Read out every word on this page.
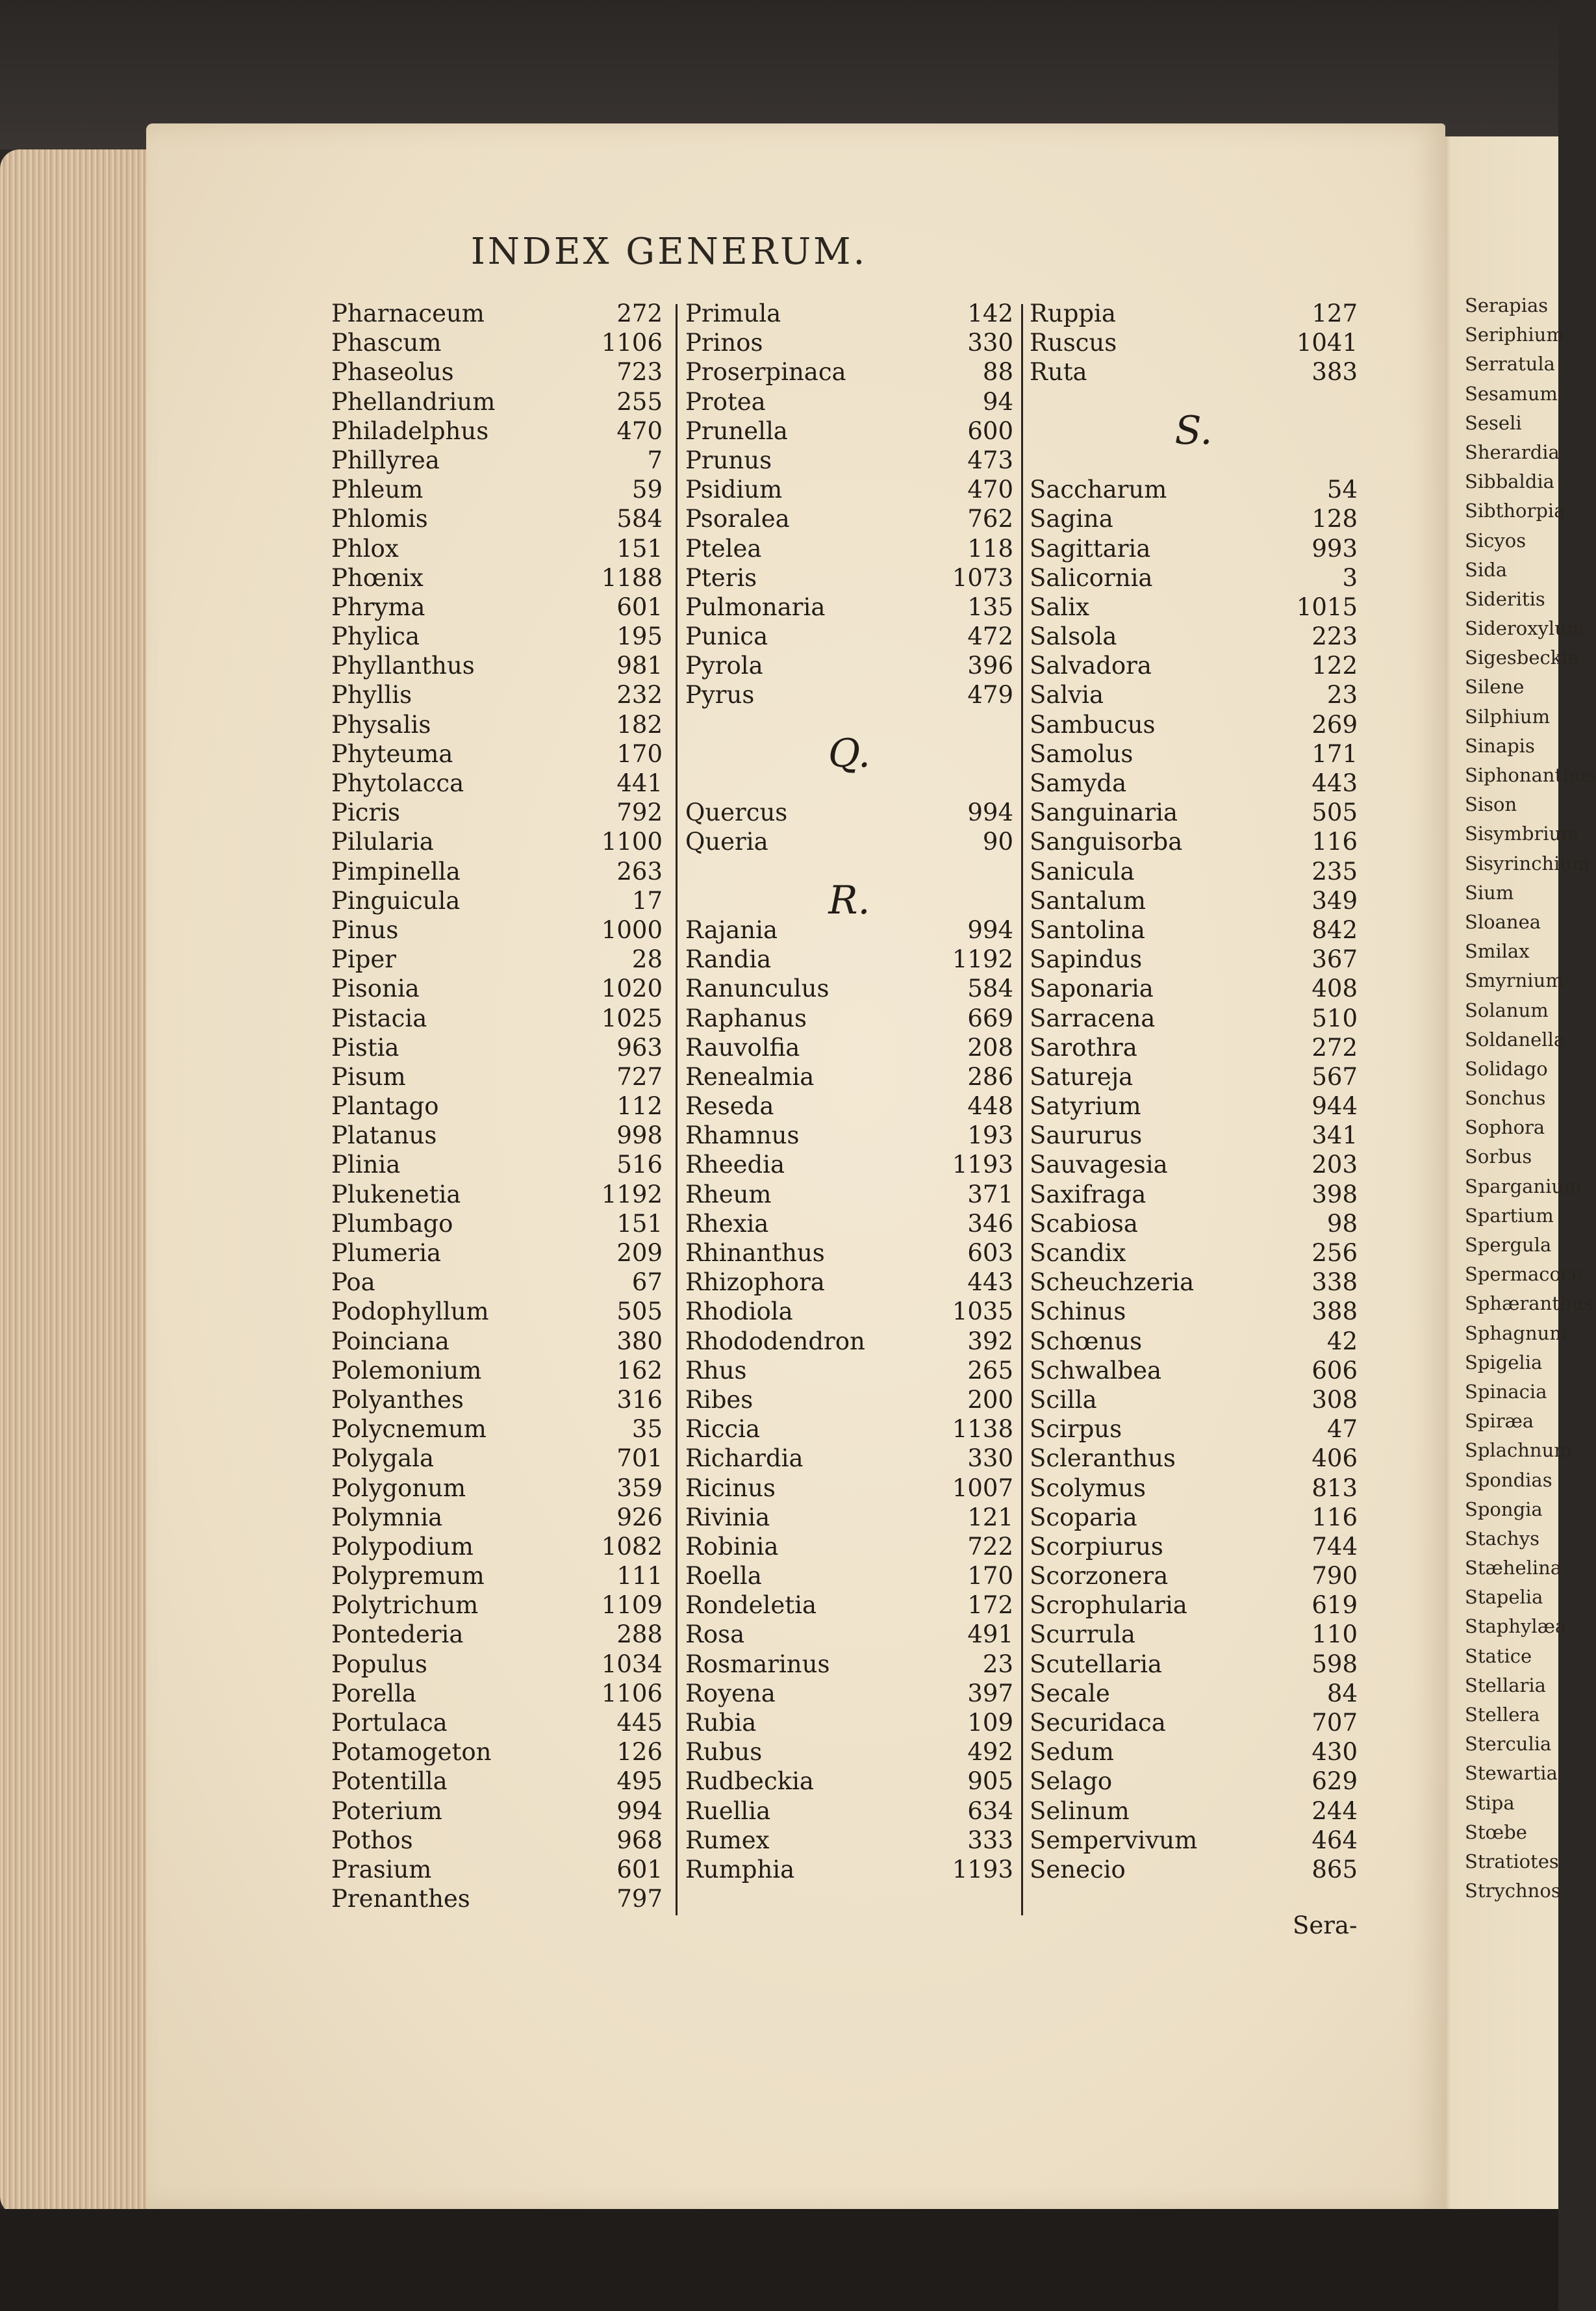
INDEX GENERUM.
Pharnaceum	272
Phascum	1106
Phaseolus	723
Phellandrium	255
Philadelphus	470
Phillyrea	7
Phleum	59
Phlomis	584
Phlox	151
Phœnix	1188
Phryma	601
Phylica	195
Phyllanthus	981
Phyllis	232
Physalis	182
Phyteuma	170
Phytolacca	441
Picris	792
Pilularia	1100
Pimpinella	263
Pinguicula	17
Pinus	1000
Piper	28
Pisonia	1020
Pistacia	1025
Pistia	963
Pisum	727
Plantago	112
Platanus	998
Plinia	516
Plukenetia	1192
Plumbago	151
Plumeria	209
Poa	67
Podophyllum	505
Poinciana	380
Polemonium	162
Polyanthes	316
Polycnemum	35
Polygala	701
Polygonum	359
Polymnia	926
Polypodium	1082
Polypremum	111
Polytrichum	1109
Pontederia	288
Populus	1034
Porella	1106
Portulaca	445
Potamogeton	126
Potentilla	495
Poterium	994
Pothos	968
Prasium	601
Prenanthes	797
Primula	142
Prinos	330
Proserpinaca	88
Protea	94
Prunella	600
Prunus	473
Psidium	470
Psoralea	762
Ptelea	118
Pteris	1073
Pulmonaria	135
Punica	472
Pyrola	396
Pyrus	479
Q.
Quercus	994
Queria	90
R.
Rajania	994
Randia	1192
Ranunculus	584
Raphanus	669
Rauvolfia	208
Renealmia	286
Reseda	448
Rhamnus	193
Rheedia	1193
Rheum	371
Rhexia	346
Rhinanthus	603
Rhizophora	443
Rhodiola	1035
Rhododendron	392
Rhus	265
Ribes	200
Riccia	1138
Richardia	330
Ricinus	1007
Rivinia	121
Robinia	722
Roella	170
Rondeletia	172
Rosa	491
Rosmarinus	23
Royena	397
Rubia	109
Rubus	492
Rudbeckia	905
Ruellia	634
Rumex	333
Rumphia	1193
Ruppia	127
Ruscus	1041
Ruta	383
S.
Saccharum	54
Sagina	128
Sagittaria	993
Salicornia	3
Salix	1015
Salsola	223
Salvadora	122
Salvia	23
Sambucus	269
Samolus	171
Samyda	443
Sanguinaria	505
Sanguisorba	116
Sanicula	235
Santalum	349
Santolina	842
Sapindus	367
Saponaria	408
Sarracena	510
Sarothra	272
Satureja	567
Satyrium	944
Saururus	341
Sauvagesia	203
Saxifraga	398
Scabiosa	98
Scandix	256
Scheuchzeria	338
Schinus	388
Schœnus	42
Schwalbea	606
Scilla	308
Scirpus	47
Scleranthus	406
Scolymus	813
Scoparia	116
Scorpiurus	744
Scorzonera	790
Scrophularia	619
Scurrula	110
Scutellaria	598
Secale	84
Securidaca	707
Sedum	430
Selago	629
Selinum	244
Sempervivum	464
Senecio	865
Sera-
Serapias
Seriphium
Serratula
Sesamum
Seseli
Sherardia
Sibbaldia
Sibthorpia
Sicyos
Sida
Sideritis
Sideroxylum
Sigesbeckia
Silene
Silphium
Sinapis
Siphonanthus
Sison
Sisymbrium
Sisyrinchium
Sium
Sloanea
Smilax
Smyrnium
Solanum
Soldanella
Solidago
Sonchus
Sophora
Sorbus
Sparganium
Spartium
Spergula
Spermacoce
Sphæranthus
Sphagnum
Spigelia
Spinacia
Spiræa
Splachnum
Spondias
Spongia
Stachys
Stæhelina
Stapelia
Staphylæa
Statice
Stellaria
Stellera
Sterculia
Stewartia
Stipa
Stœbe
Stratiotes
Strychnos
